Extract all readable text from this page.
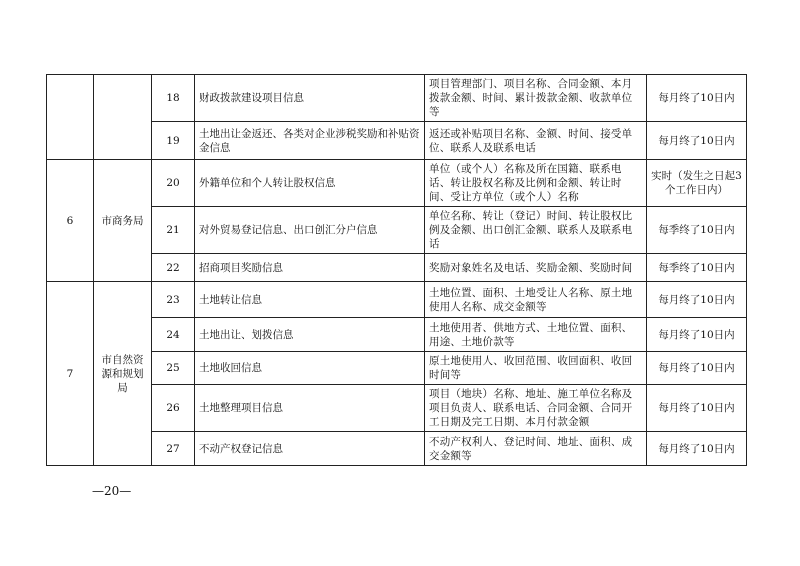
		18	财政拨款建设项目信息	项目管理部门、项目名称、合同金额、本月拨款金额、时间、累计拨款金额、收款单位等	每月终了10日内
		19	土地出让金返还、各类对企业涉税奖励和补贴资金信息	返还或补贴项目名称、金额、时间、接受单位、联系人及联系电话	每月终了10日内
6	市商务局	20	外籍单位和个人转让股权信息	单位（或个人）名称及所在国籍、联系电话、转让股权名称及比例和金额、转让时间、受让方单位（或个人）名称	实时（发生之日起3个工作日内）
		21	对外贸易登记信息、出口创汇分户信息	单位名称、转让（登记）时间、转让股权比例及金额、出口创汇金额、联系人及联系电话	每季终了10日内
		22	招商项目奖励信息	奖励对象姓名及电话、奖励金额、奖励时间	每季终了10日内
7	市自然资源和规划局	23	土地转让信息	土地位置、面积、土地受让人名称、原土地使用人名称、成交金额等	每月终了10日内
		24	土地出让、划拨信息	土地使用者、供地方式、土地位置、面积、用途、土地价款等	每月终了10日内
		25	土地收回信息	原土地使用人、收回范围、收回面积、收回时间等	每月终了10日内
		26	土地整理项目信息	项目（地块）名称、地址、施工单位名称及项目负责人、联系电话、合同金额、合同开工日期及完工日期、本月付款金额	每月终了10日内
		27	不动产权登记信息	不动产权利人、登记时间、地址、面积、成交金额等	每月终了10日内
—20—
